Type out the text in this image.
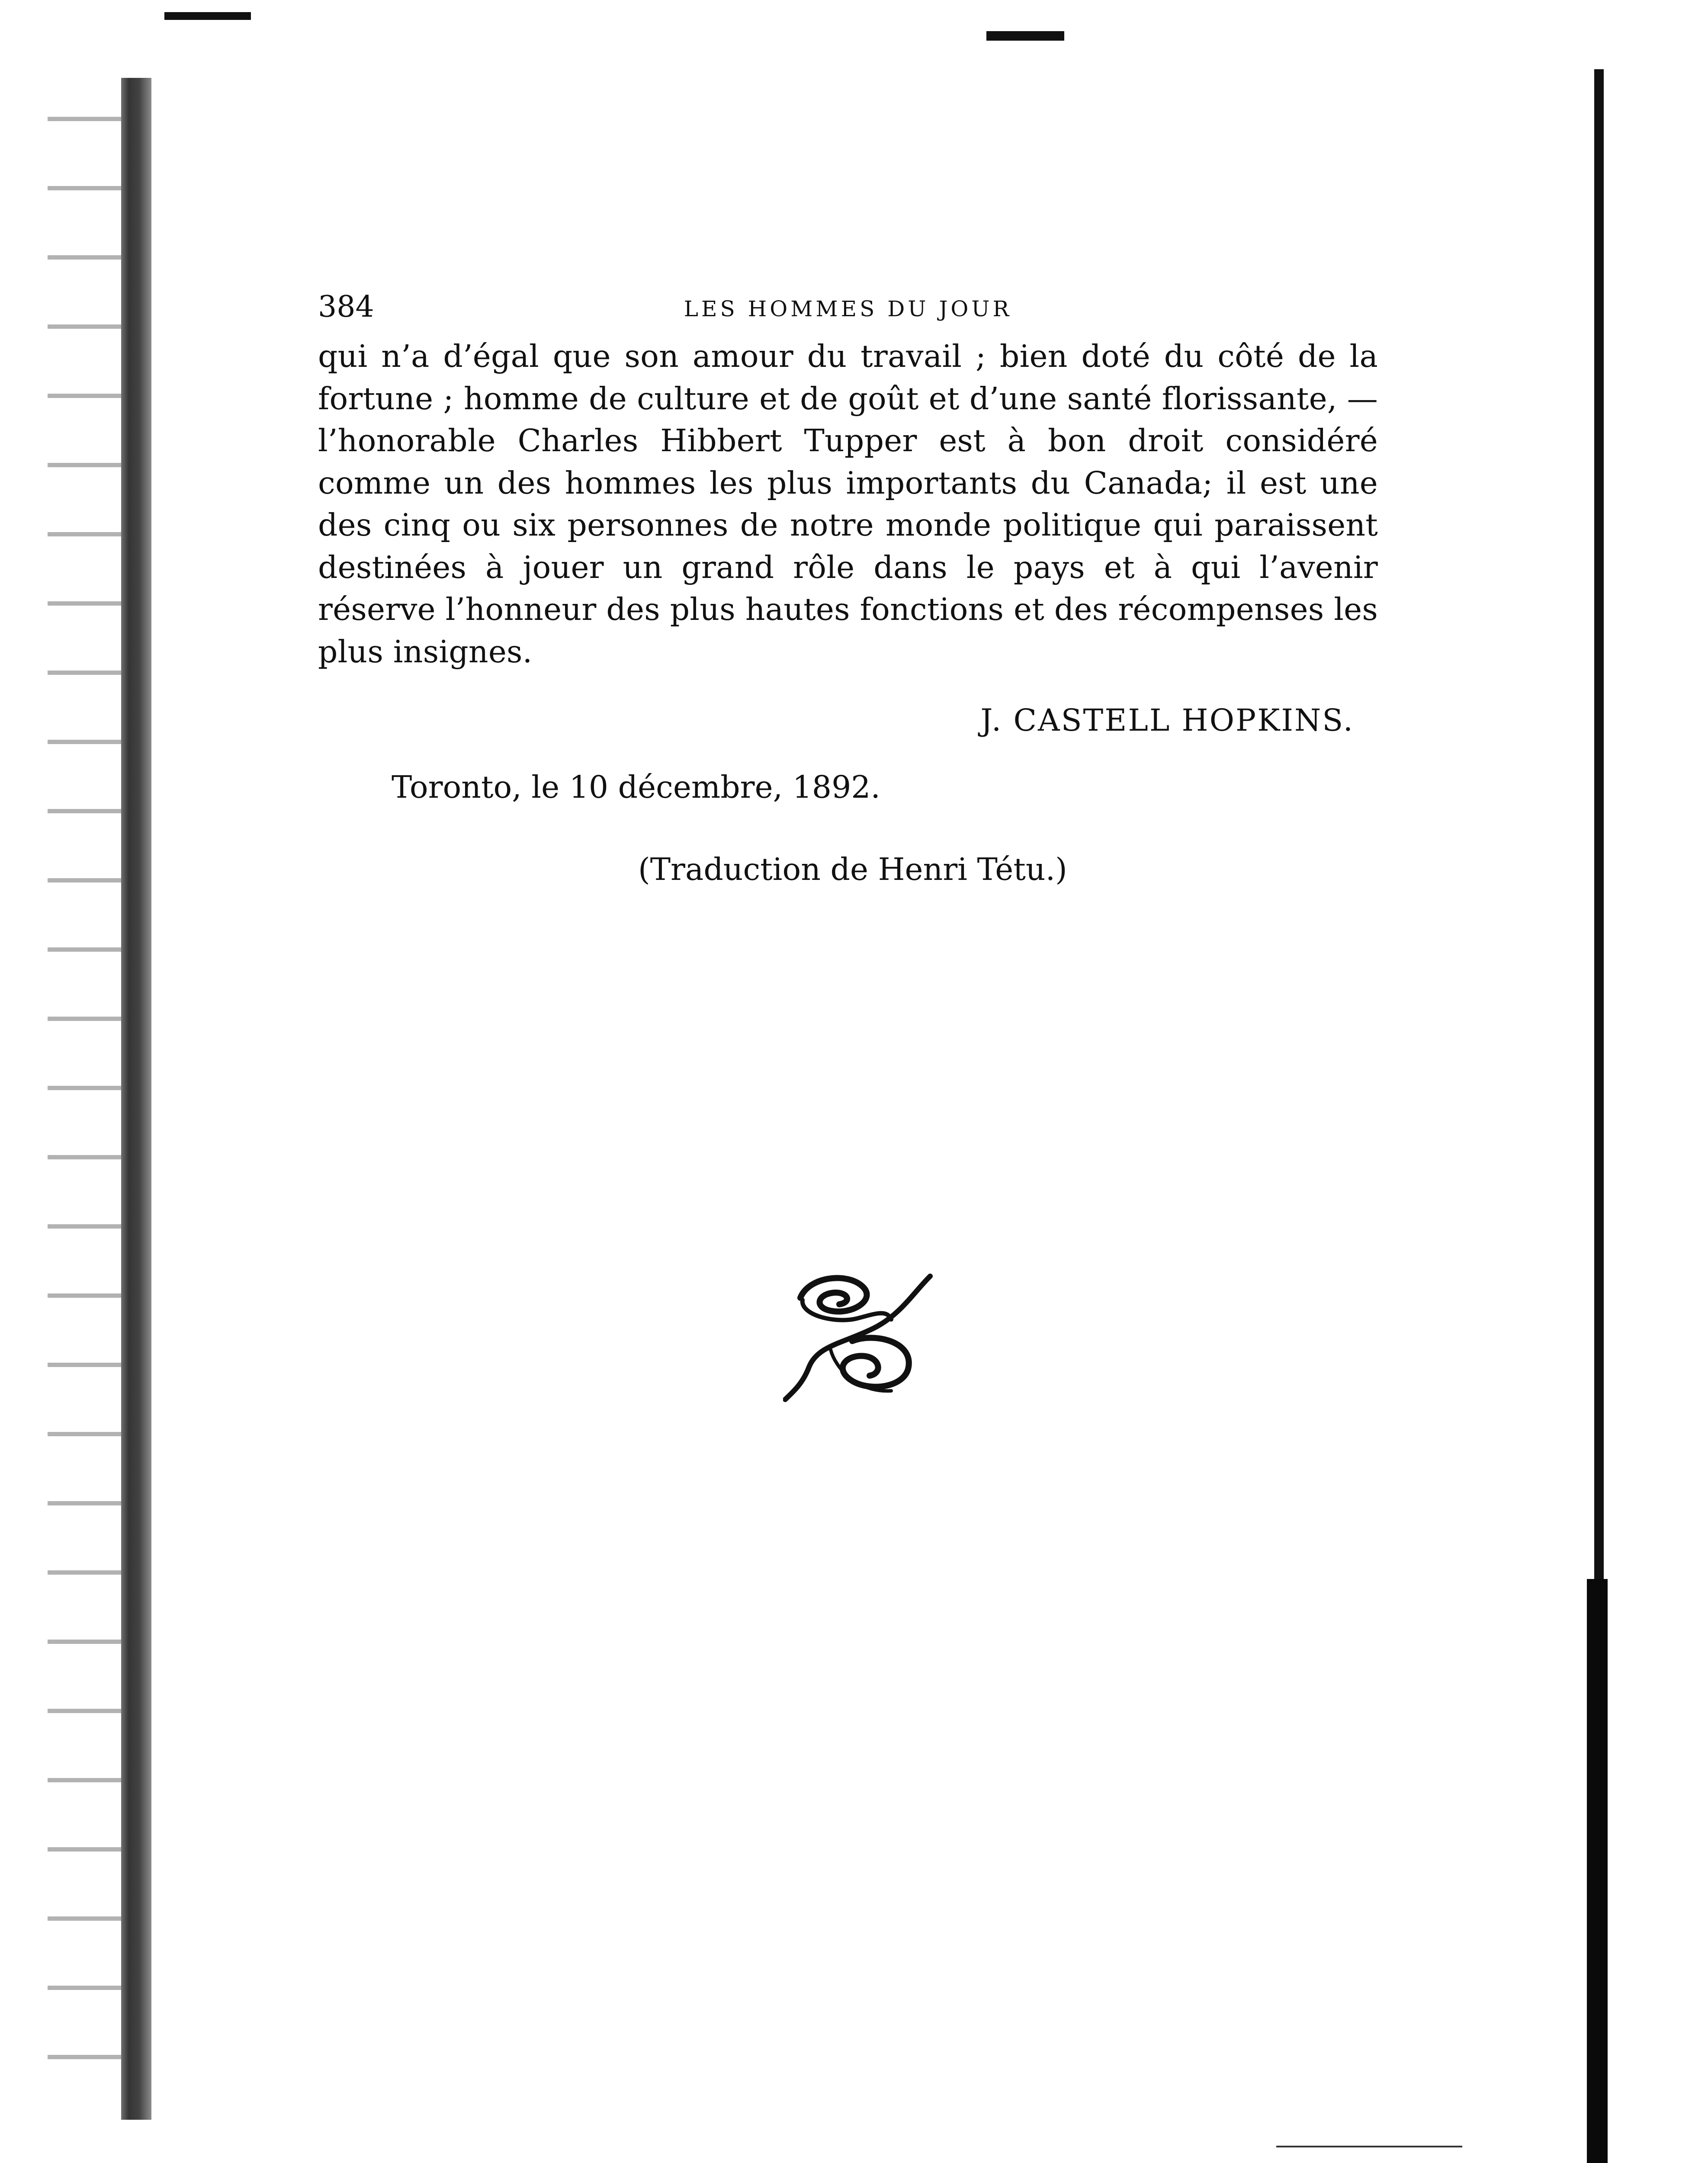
384	LES HOMMES DU JOUR

qui n’a d’égal que son amour du travail ; bien doté du côté de la fortune ; homme de culture et de goût et d’une santé florissante, — l’honorable Charles Hibbert Tupper est à bon droit considéré comme un des hommes les plus importants du Canada; il est une des cinq ou six personnes de notre monde politique qui paraissent destinées à jouer un grand rôle dans le pays et à qui l’avenir réserve l’honneur des plus hautes fonctions et des récompenses les plus insignes.

J. CASTELL HOPKINS.
Toronto, le 10 décembre, 1892.
(Traduction de Henri Tétu.)
